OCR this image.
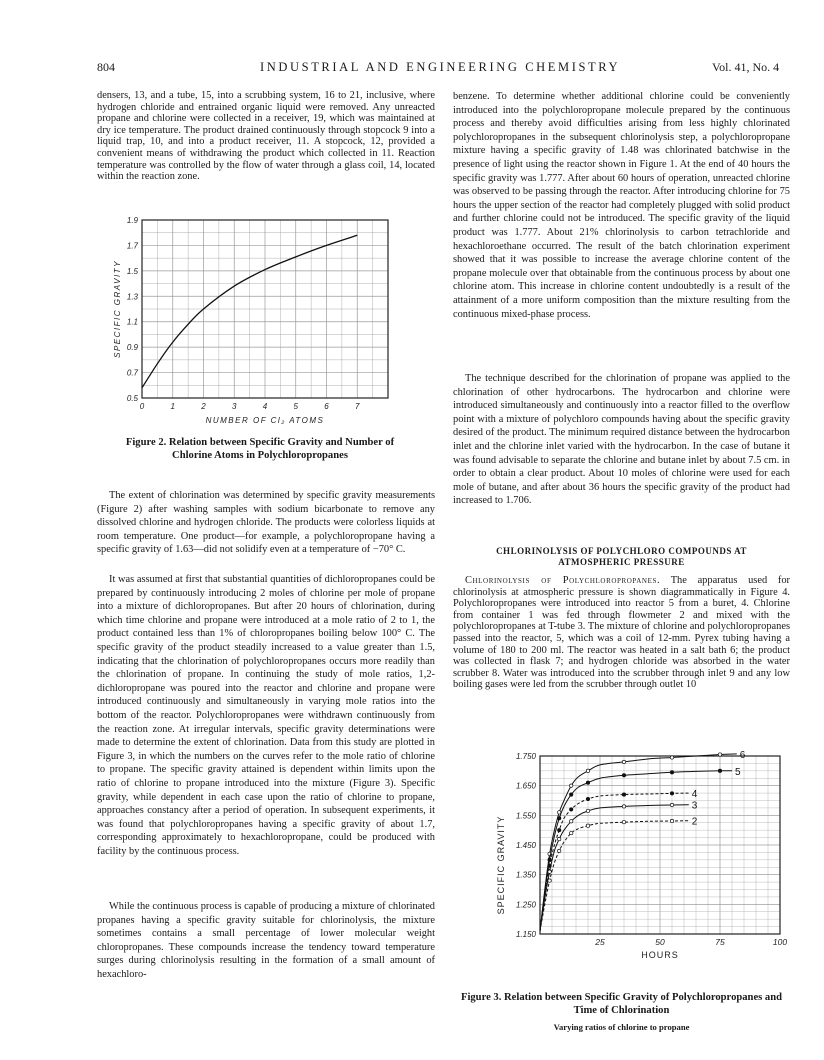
804	INDUSTRIAL AND ENGINEERING CHEMISTRY	Vol. 41, No. 4

densers, 13, and a tube, 15, into a scrubbing system, 16 to 21, inclusive, where hydrogen chloride and entrained organic liquid were removed. Any unreacted propane and chlorine were collected in a receiver, 19, which was maintained at dry ice temperature. The product drained continuously through stopcock 9 into a liquid trap, 10, and into a product receiver, 11. A stopcock, 12, provided a convenient means of withdrawing the product which collected in 11. Reaction temperature was controlled by the flow of water through a glass coil, 14, located within the reaction zone.

0.5
0.7
0.9
1.1
1.3
1.5
1.7
1.9
0	1	2	3	4	5	6	7
NUMBER OF Cl₂ ATOMS
SPECIFIC GRAVITY

Figure 2. Relation between Specific Gravity and Number of Chlorine Atoms in Polychloropropanes

The extent of chlorination was determined by specific gravity measurements (Figure 2) after washing samples with sodium bicarbonate to remove any dissolved chlorine and hydrogen chloride. The products were colorless liquids at room temperature. One product—for example, a polychloropropane having a specific gravity of 1.63—did not solidify even at a temperature of −70° C.

It was assumed at first that substantial quantities of dichloropropanes could be prepared by continuously introducing 2 moles of chlorine per mole of propane into a mixture of dichloropropanes. But after 20 hours of chlorination, during which time chlorine and propane were introduced at a mole ratio of 2 to 1, the product contained less than 1% of chloropropanes boiling below 100° C. The specific gravity of the product steadily increased to a value greater than 1.5, indicating that the chlorination of polychloropropanes occurs more readily than the chlorination of propane. In continuing the study of mole ratios, 1,2-dichloropropane was poured into the reactor and chlorine and propane were introduced continuously and simultaneously in varying mole ratios into the bottom of the reactor. Polychloropropanes were withdrawn continuously from the reaction zone. At irregular intervals, specific gravity determinations were made to determine the extent of chlorination. Data from this study are plotted in Figure 3, in which the numbers on the curves refer to the mole ratio of chlorine to propane. The specific gravity attained is dependent within limits upon the ratio of chlorine to propane introduced into the mixture (Figure 3). Specific gravity, while dependent in each case upon the ratio of chlorine to propane, approaches constancy after a period of operation. In subsequent experiments, it was found that polychloropropanes having a specific gravity of about 1.7, corresponding approximately to hexachloropropane, could be produced with facility by the continuous process.

While the continuous process is capable of producing a mixture of chlorinated propanes having a specific gravity suitable for chlorinolysis, the mixture sometimes contains a small percentage of lower molecular weight chloropropanes. These compounds increase the tendency toward temperature surges during chlorinolysis resulting in the formation of a small amount of hexachloro-

benzene. To determine whether additional chlorine could be conveniently introduced into the polychloropropane molecule prepared by the continuous process and thereby avoid difficulties arising from less highly chlorinated polychloropropanes in the subsequent chlorinolysis step, a polychloropropane mixture having a specific gravity of 1.48 was chlorinated batchwise in the presence of light using the reactor shown in Figure 1. At the end of 40 hours the specific gravity was 1.777. After about 60 hours of operation, unreacted chlorine was observed to be passing through the reactor. After introducing chlorine for 75 hours the upper section of the reactor had completely plugged with solid product and further chlorine could not be introduced. The specific gravity of the liquid product was 1.777. About 21% chlorinolysis to carbon tetrachloride and hexachloroethane occurred. The result of the batch chlorination experiment showed that it was possible to increase the average chlorine content of the propane molecule over that obtainable from the continuous process by about one chlorine atom. This increase in chlorine content undoubtedly is a result of the attainment of a more uniform composition than the mixture resulting from the continuous mixed-phase process.

The technique described for the chlorination of propane was applied to the chlorination of other hydrocarbons. The hydrocarbon and chlorine were introduced simultaneously and continuously into a reactor filled to the overflow point with a mixture of polychloro compounds having about the specific gravity desired of the product. The minimum required distance between the hydrocarbon inlet and the chlorine inlet varied with the hydrocarbon. In the case of butane it was found advisable to separate the chlorine and butane inlet by about 7.5 cm. in order to obtain a clear product. About 10 moles of chlorine were used for each mole of butane, and after about 36 hours the specific gravity of the product had increased to 1.706.

CHLORINOLYSIS OF POLYCHLORO COMPOUNDS AT ATMOSPHERIC PRESSURE

Chlorinolysis of Polychloropropanes. The apparatus used for chlorinolysis at atmospheric pressure is shown diagrammatically in Figure 4. Polychloropropanes were introduced into reactor 5 from a buret, 4. Chlorine from container 1 was fed through flowmeter 2 and mixed with the polychloropropanes at T-tube 3. The mixture of chlorine and polychloropropanes passed into the reactor, 5, which was a coil of 12-mm. Pyrex tubing having a volume of 180 to 200 ml. The reactor was heated in a salt bath 6; the product was collected in flask 7; and hydrogen chloride was absorbed in the water scrubber 8. Water was introduced into the scrubber through inlet 9 and any low boiling gases were led from the scrubber through outlet 10

1.150
1.250
1.350
1.450
1.550
1.650
1.750
25	50	75	100
HOURS
SPECIFIC GRAVITY
6
5
4
3
2

Figure 3. Relation between Specific Gravity of Polychloropropanes and Time of Chlorination

Varying ratios of chlorine to propane
